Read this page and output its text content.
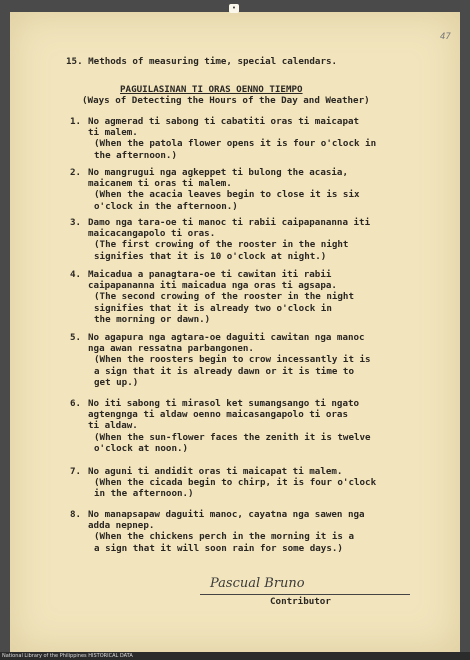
47
15. Methods of measuring time, special calendars.
PAGUILASINAN TI ORAS OENNO TIEMPO
(Ways of Detecting the Hours of the Day and Weather)
1. No agmerad ti sabong ti cabatiti oras ti maicapat
ti malem.
(When the patola flower opens it is four o'clock in
the afternoon.)
2. No mangrugui nga agkeppet ti bulong the acasia,
maicanem ti oras ti malem.
(When the acacia leaves begin to close it is six
o'clock in the afternoon.)
3. Damo nga tara-oe ti manoc ti rabii caipapananna iti
maicacangapolo ti oras.
(The first crowing of the rooster in the night
signifies that it is 10 o'clock at night.)
4. Maicadua a panagtara-oe ti cawitan iti rabii
caipapananna iti maicadua nga oras ti agsapa.
(The second crowing of the rooster in the night
signifies that it is already two o'clock in
the morning or dawn.)
5. No agapura nga agtara-oe daguiti cawitan nga manoc
nga awan ressatna parbangonen.
(When the roosters begin to crow incessantly it is
a sign that it is already dawn or it is time to
get up.)
6. No iti sabong ti mirasol ket sumangsango ti ngato
agtengnga ti aldaw oenno maicasangapolo ti oras
ti aldaw.
(When the sun-flower faces the zenith it is twelve
o'clock at noon.)
7. No aguni ti andidit oras ti maicapat ti malem.
(When the cicada begin to chirp, it is four o'clock
in the afternoon.)
8. No manapsapaw daguiti manoc, cayatna nga sawen nga
adda nepnep.
(When the chickens perch in the morning it is a
a sign that it will soon rain for some days.)
Pascual Bruno
Contributor
•
National Library of the Philippines HISTORICAL DATA
